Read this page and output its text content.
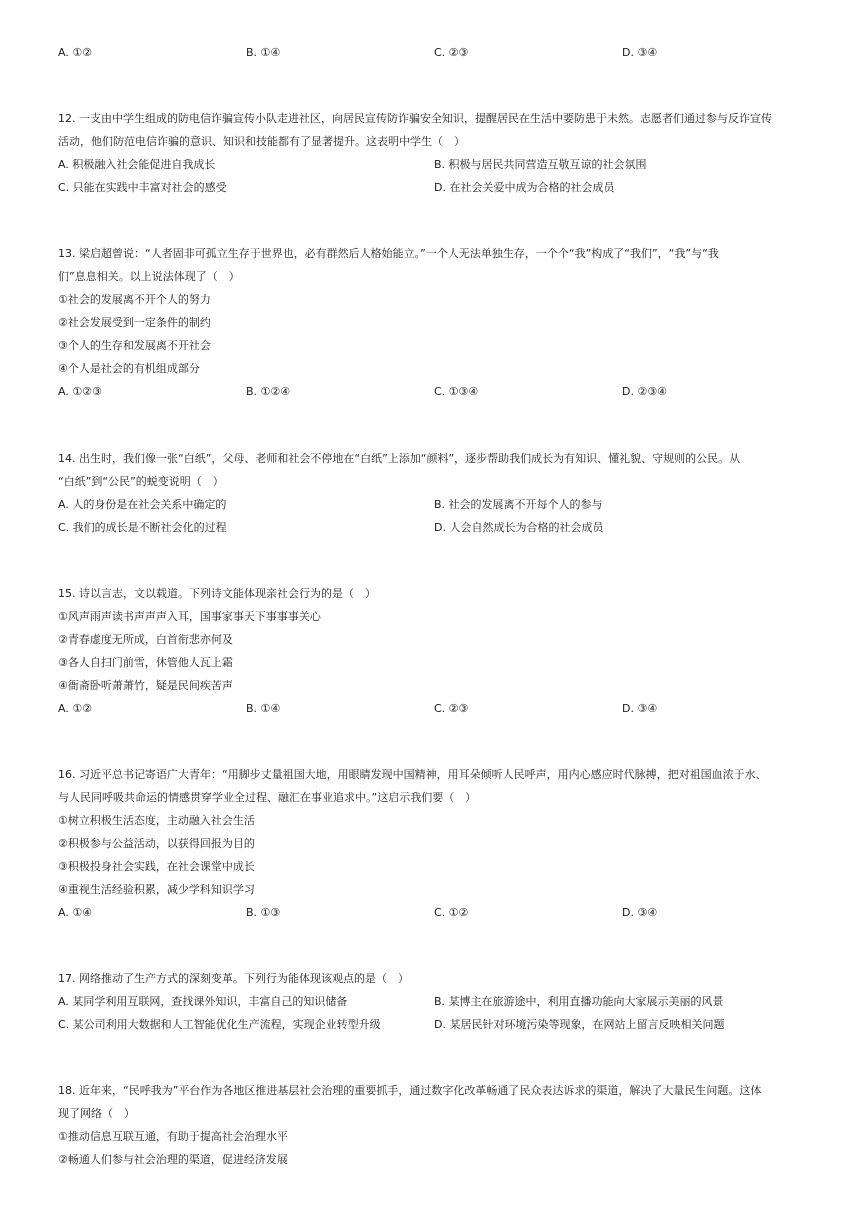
A. ①②	B. ①④	C. ②③	D. ③④
12. 一支由中学生组成的防电信诈骗宣传小队走进社区，向居民宣传防诈骗安全知识，提醒居民在生活中要防患于未然。志愿者们通过参与反诈宣传
活动，他们防范电信诈骗的意识、知识和技能都有了显著提升。这表明中学生（　）
A. 积极融入社会能促进自我成长	B. 积极与居民共同营造互敬互谅的社会氛围
C. 只能在实践中丰富对社会的感受	D. 在社会关爱中成为合格的社会成员
13. 梁启超曾说：“人者固非可孤立生存于世界也，必有群然后人格始能立。”一个人无法单独生存，一个个“我”构成了“我们”，“我”与“我
们”息息相关。以上说法体现了（　）
①社会的发展离不开个人的努力
②社会发展受到一定条件的制约
③个人的生存和发展离不开社会
④个人是社会的有机组成部分
A. ①②③	B. ①②④	C. ①③④	D. ②③④
14. 出生时，我们像一张“白纸”，父母、老师和社会不停地在“白纸”上添加“颜料”，逐步帮助我们成长为有知识、懂礼貌、守规则的公民。从
“白纸”到“公民”的蜕变说明（　）
A. 人的身份是在社会关系中确定的	B. 社会的发展离不开每个人的参与
C. 我们的成长是不断社会化的过程	D. 人会自然成长为合格的社会成员
15. 诗以言志，文以载道。下列诗文能体现亲社会行为的是（　）
①风声雨声读书声声声入耳，国事家事天下事事事关心
②青春虚度无所成，白首衔悲亦何及
③各人自扫门前雪，休管他人瓦上霜
④衙斋卧听萧萧竹，疑是民间疾苦声
A. ①②	B. ①④	C. ②③	D. ③④
16. 习近平总书记寄语广大青年：“用脚步丈量祖国大地，用眼睛发现中国精神，用耳朵倾听人民呼声，用内心感应时代脉搏，把对祖国血浓于水、
与人民同呼吸共命运的情感贯穿学业全过程、融汇在事业追求中。”这启示我们要（　）
①树立积极生活态度，主动融入社会生活
②积极参与公益活动，以获得回报为目的
③积极投身社会实践，在社会课堂中成长
④重视生活经验积累，减少学科知识学习
A. ①④	B. ①③	C. ①②	D. ③④
17. 网络推动了生产方式的深刻变革。下列行为能体现该观点的是（　）
A. 某同学利用互联网，查找课外知识，丰富自己的知识储备	B. 某博主在旅游途中，利用直播功能向大家展示美丽的风景
C. 某公司利用大数据和人工智能优化生产流程，实现企业转型升级	D. 某居民针对环境污染等现象，在网站上留言反映相关问题
18. 近年来，“民呼我为”平台作为各地区推进基层社会治理的重要抓手，通过数字化改革畅通了民众表达诉求的渠道，解决了大量民生问题。这体
现了网络（　）
①推动信息互联互通，有助于提高社会治理水平
②畅通人们参与社会治理的渠道，促进经济发展
